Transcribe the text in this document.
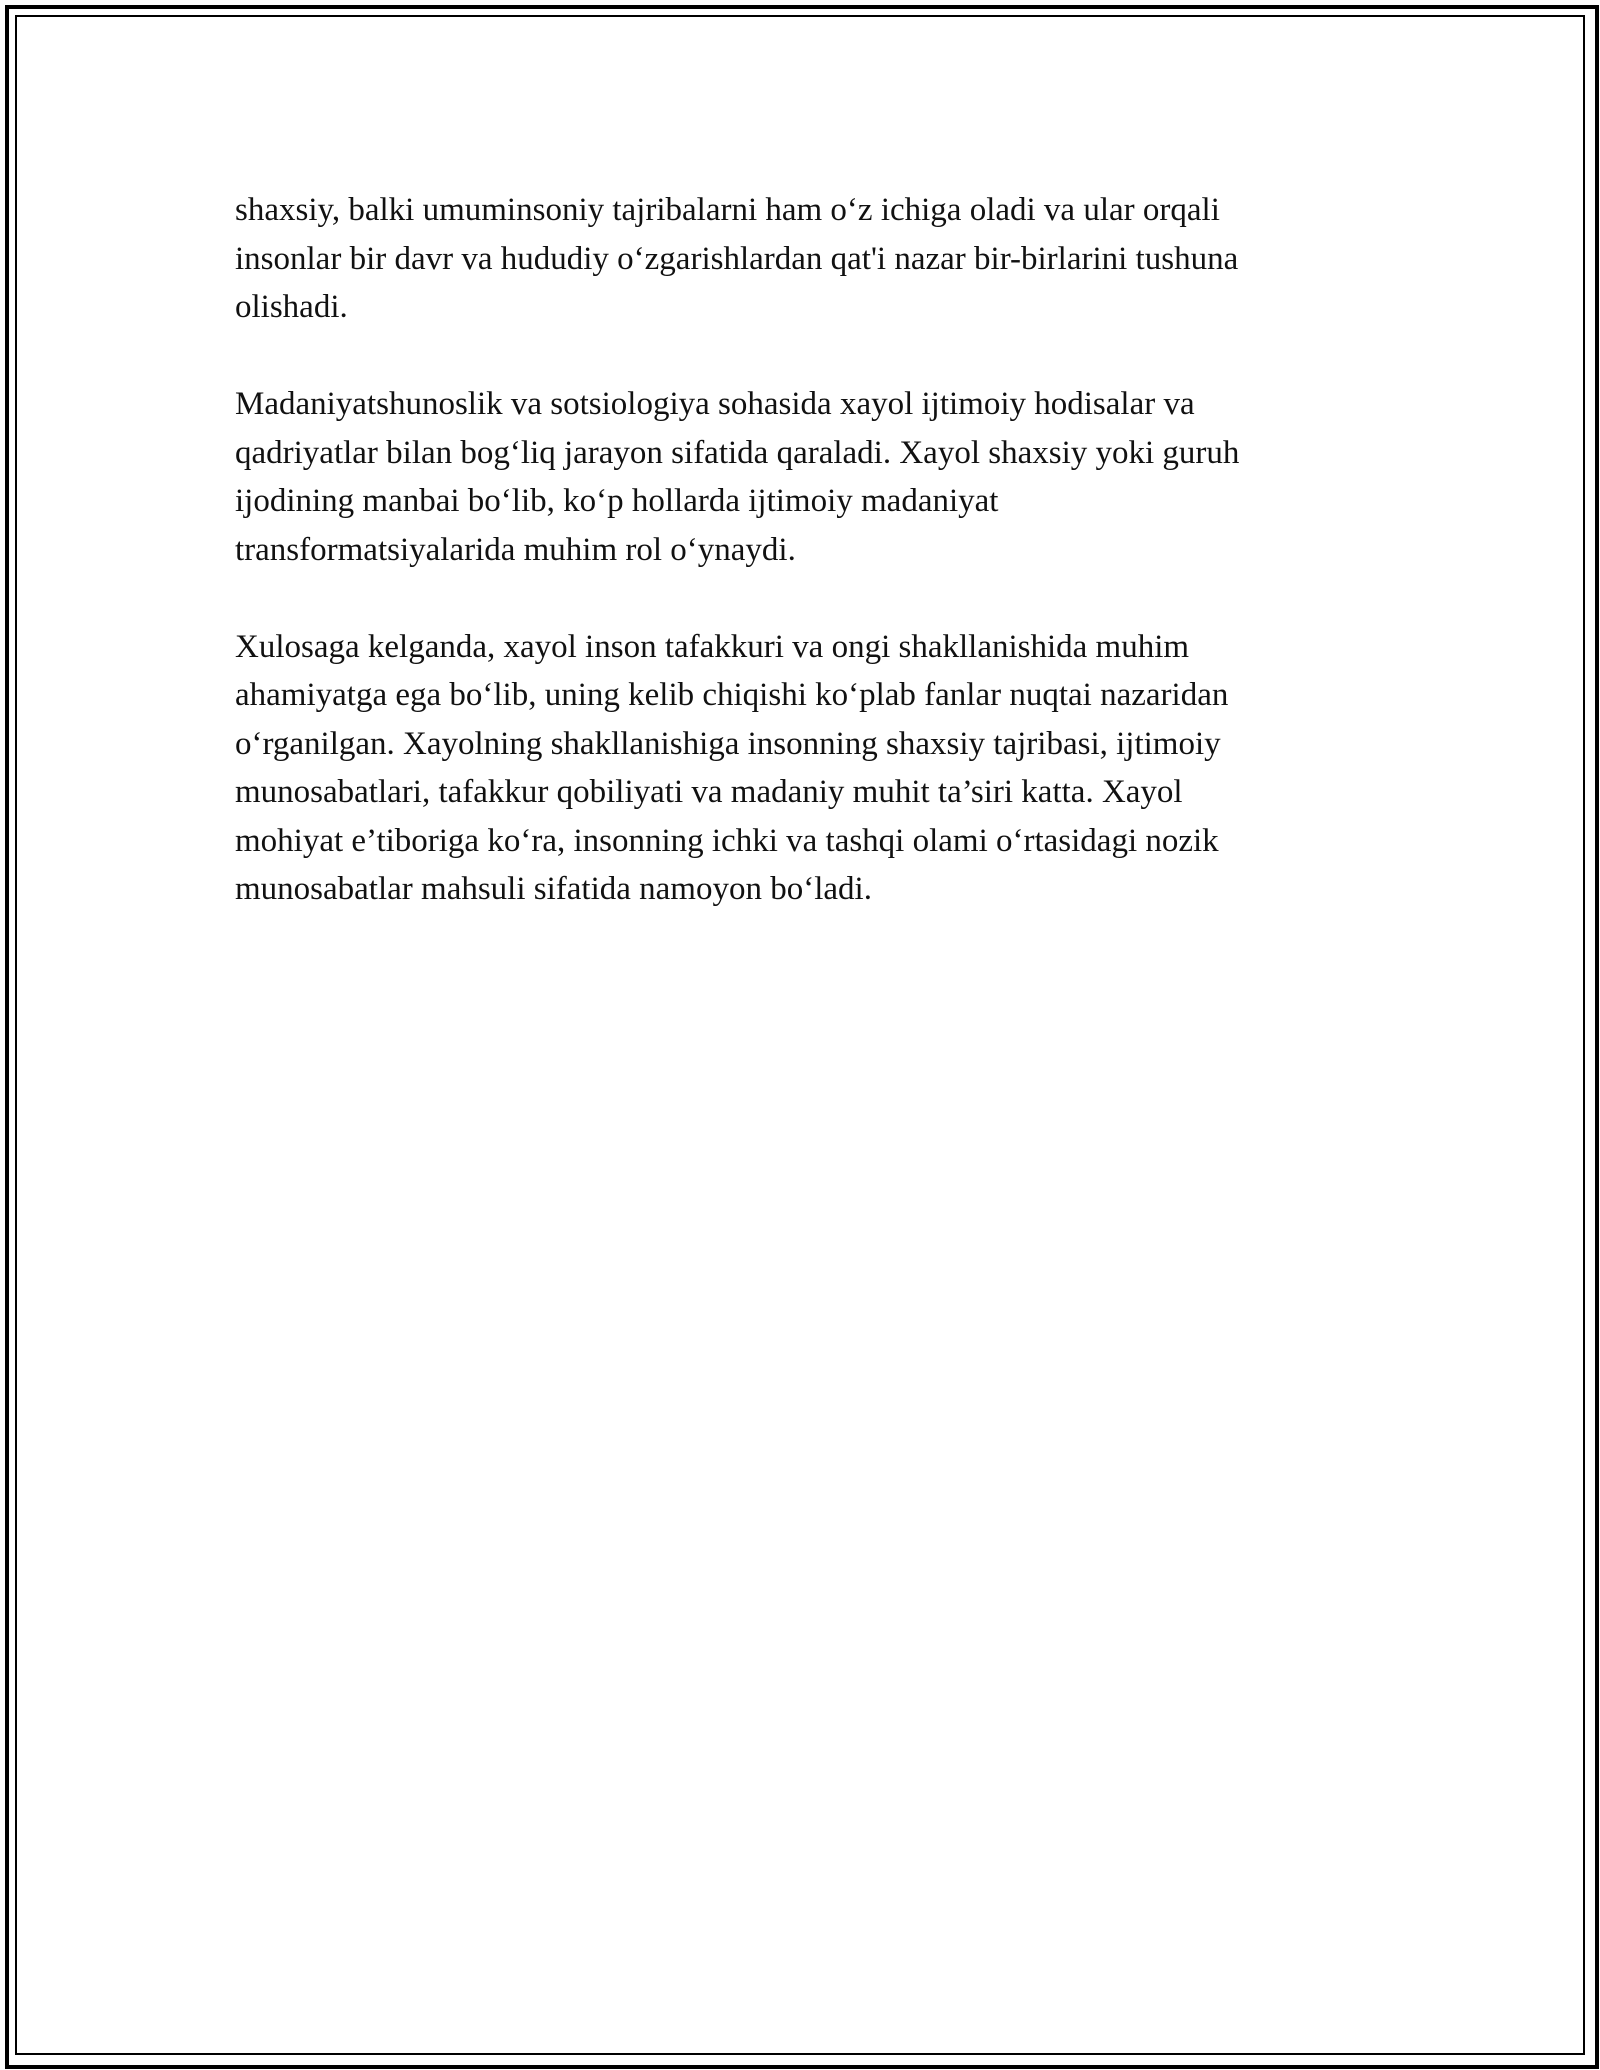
shaxsiy, balki umuminsoniy tajribalarni ham o‘z ichiga oladi va ular orqali
insonlar bir davr va hududiy o‘zgarishlardan qat'i nazar bir-birlarini tushuna
olishadi.

Madaniyatshunoslik va sotsiologiya sohasida xayol ijtimoiy hodisalar va
qadriyatlar bilan bog‘liq jarayon sifatida qaraladi. Xayol shaxsiy yoki guruh
ijodining manbai bo‘lib, ko‘p hollarda ijtimoiy madaniyat
transformatsiyalarida muhim rol o‘ynaydi.

Xulosaga kelganda, xayol inson tafakkuri va ongi shakllanishida muhim
ahamiyatga ega bo‘lib, uning kelib chiqishi ko‘plab fanlar nuqtai nazaridan
o‘rganilgan. Xayolning shakllanishiga insonning shaxsiy tajribasi, ijtimoiy
munosabatlari, tafakkur qobiliyati va madaniy muhit ta’siri katta. Xayol
mohiyat e’tiboriga ko‘ra, insonning ichki va tashqi olami o‘rtasidagi nozik
munosabatlar mahsuli sifatida namoyon bo‘ladi.
